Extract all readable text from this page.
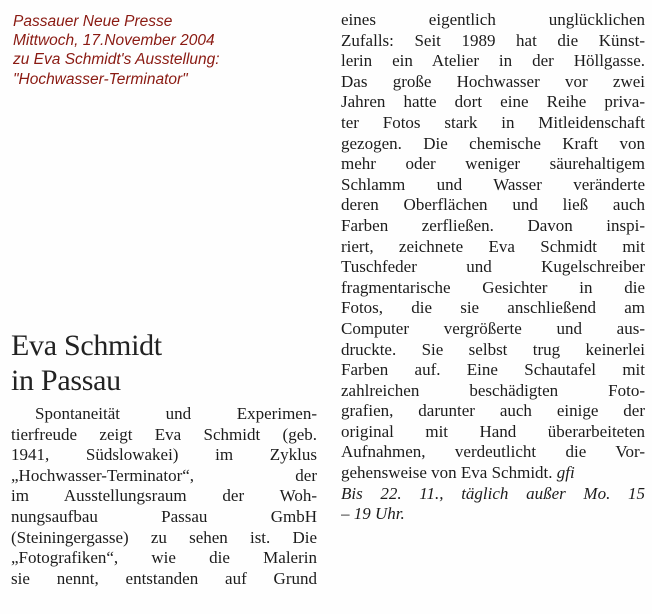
Passauer Neue Presse
Mittwoch, 17.November 2004
zu Eva Schmidt's Ausstellung:
"Hochwasser-Terminator"
Eva Schmidt
in Passau
Spontaneität und Experimen-
tierfreude zeigt Eva Schmidt (geb.
1941, Südslowakei) im Zyklus
„Hochwasser-Terminator“, der
im Ausstellungsraum der Woh-
nungsaufbau Passau GmbH
(Steiningergasse) zu sehen ist. Die
„Fotografiken“, wie die Malerin
sie nennt, entstanden auf Grund
eines eigentlich unglücklichen
Zufalls: Seit 1989 hat die Künst-
lerin ein Atelier in der Höllgasse.
Das große Hochwasser vor zwei
Jahren hatte dort eine Reihe priva-
ter Fotos stark in Mitleidenschaft
gezogen. Die chemische Kraft von
mehr oder weniger säurehaltigem
Schlamm und Wasser veränderte
deren Oberflächen und ließ auch
Farben zerfließen. Davon inspi-
riert, zeichnete Eva Schmidt mit
Tuschfeder und Kugelschreiber
fragmentarische Gesichter in die
Fotos, die sie anschließend am
Computer vergrößerte und aus-
druckte. Sie selbst trug keinerlei
Farben auf. Eine Schautafel mit
zahlreichen beschädigten Foto-
grafien, darunter auch einige der
original mit Hand überarbeiteten
Aufnahmen, verdeutlicht die Vor-
gehensweise von Eva Schmidt. gfi
Bis 22. 11., täglich außer Mo. 15
– 19 Uhr.
